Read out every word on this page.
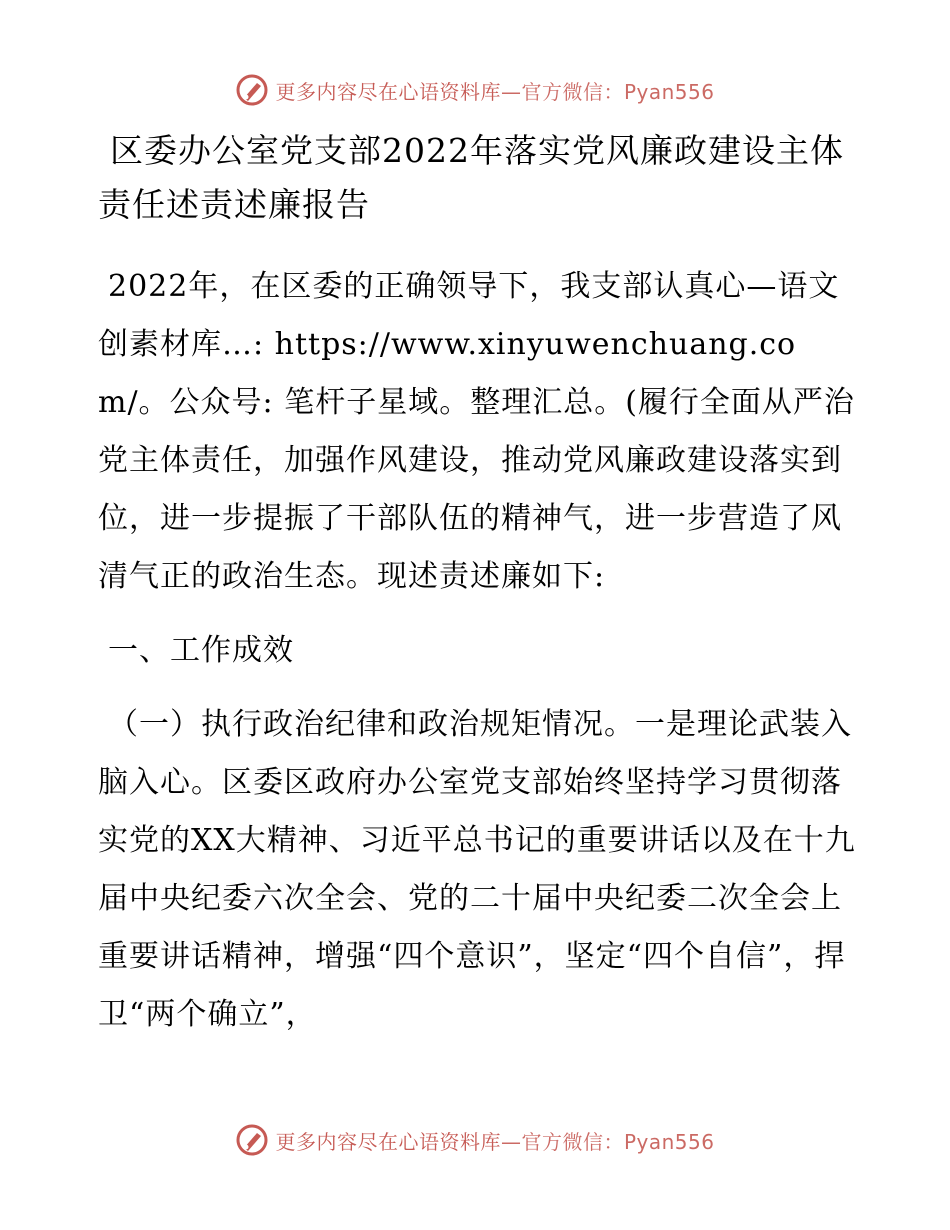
更多内容尽在心语资料库—官方微信：Pyan556
区委办公室党支部2022年落实党风廉政建设主体责任述责述廉报告

2022年，在区委的正确领导下，我支部认真心—语文创素材库…: https://www.xinyuwenchuang.com/。公众号: 笔杆子星域。整理汇总。(履行全面从严治党主体责任，加强作风建设，推动党风廉政建设落实到位，进一步提振了干部队伍的精神气，进一步营造了风清气正的政治生态。现述责述廉如下:

一、工作成效

（一）执行政治纪律和政治规矩情况。一是理论武装入脑入心。区委区政府办公室党支部始终坚持学习贯彻落实党的XX大精神、习近平总书记的重要讲话以及在十九届中央纪委六次全会、党的二十届中央纪委二次全会上重要讲话精神，增强“四个意识”，坚定“四个自信”，捍卫“两个确立”，

更多内容尽在心语资料库—官方微信：Pyan556
